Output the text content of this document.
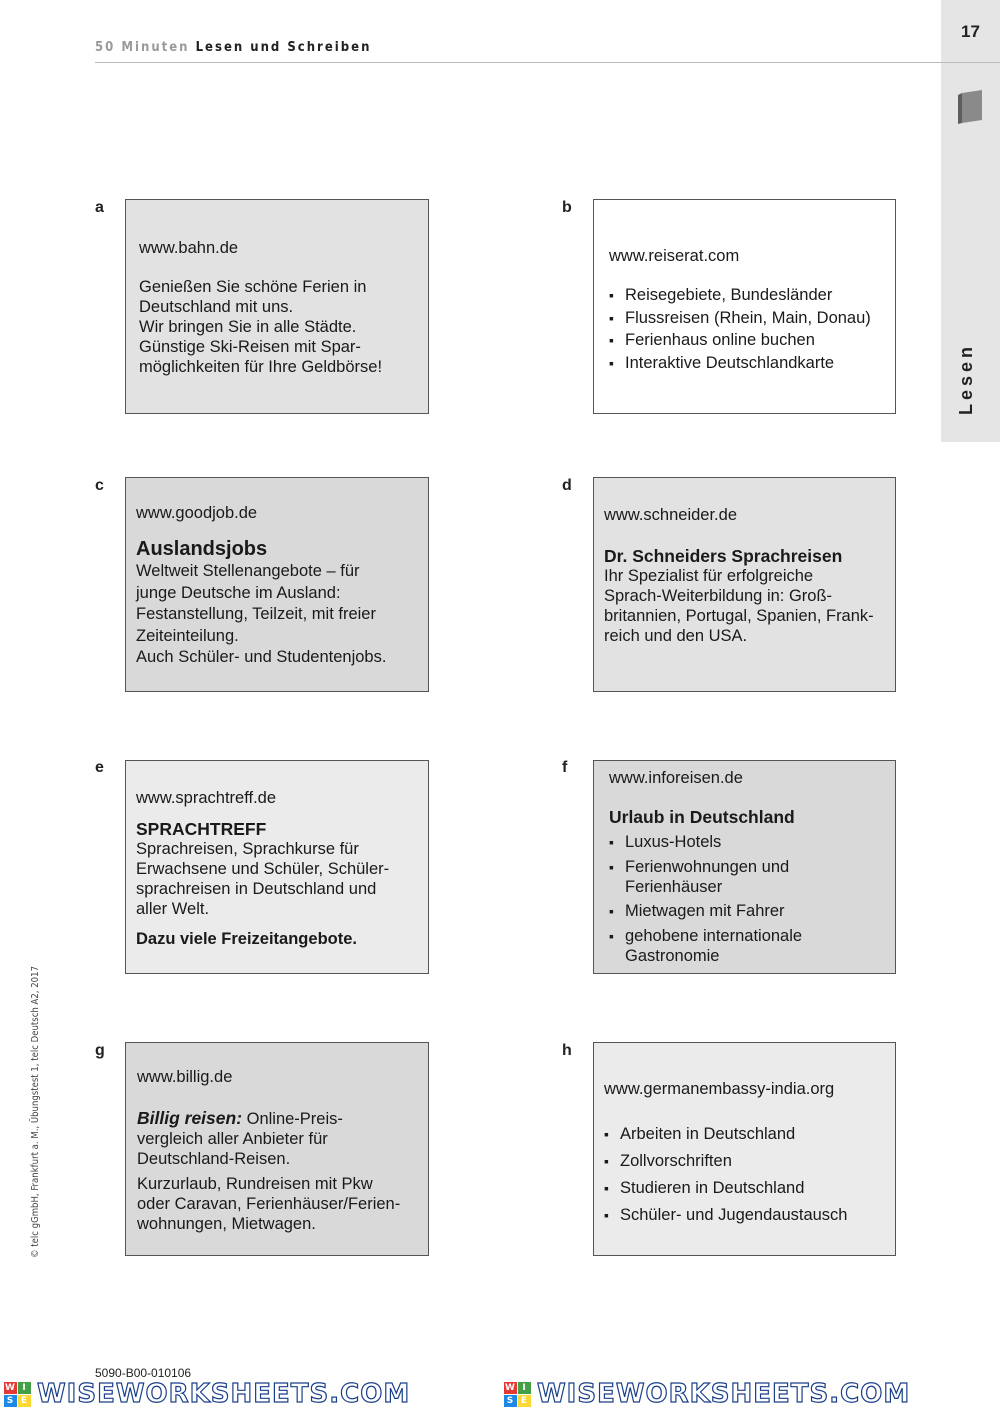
50 Minuten Lesen und Schreiben
17
Lesen
a

www.bahn.de

Genießen Sie schöne Ferien in

Deutschland mit uns.

Wir bringen Sie in alle Städte.

Günstige Ski-Reisen mit Spar-

möglichkeiten für Ihre Geldbörse!

b

www.reiserat.com

▪ Reisegebiete, Bundesländer
▪ Flussreisen (Rhein, Main, Donau)
▪ Ferienhaus online buchen
▪ Interaktive Deutschlandkarte
c

www.goodjob.de

Auslandsjobs

Weltweit Stellenangebote – für

junge Deutsche im Ausland:

Festanstellung, Teilzeit, mit freier

Zeiteinteilung.

Auch Schüler- und Studentenjobs.

d

www.schneider.de

Dr. Schneiders Sprachreisen

Ihr Spezialist für erfolgreiche

Sprach-Weiterbildung in: Groß-

britannien, Portugal, Spanien, Frank-

reich und den USA.

e

www.sprachtreff.de

SPRACHTREFF

Sprachreisen, Sprachkurse für

Erwachsene und Schüler, Schüler-

sprachreisen in Deutschland und

aller Welt.

Dazu viele Freizeitangebote.

f

www.inforeisen.de

Urlaub in Deutschland

▪ Luxus-Hotels
▪ Ferienwohnungen und
Ferienhäuser
▪ Mietwagen mit Fahrer
▪ gehobene internationale
Gastronomie
g

www.billig.de

Billig reisen: Online-Preis-

vergleich aller Anbieter für

Deutschland-Reisen.

Kurzurlaub, Rundreisen mit Pkw

oder Caravan, Ferienhäuser/Ferien-

wohnungen, Mietwagen.

h

www.germanembassy-india.org

▪ Arbeiten in Deutschland
▪ Zollvorschriften
▪ Studieren in Deutschland
▪ Schüler- und Jugendaustausch
© telc gGmbH, Frankfurt a. M., Übungstest 1, telc Deutsch A2, 2017
5090-B00-010106
W I
S E WISEWORKSHEETS.COM	W I
S E WISEWORKSHEETS.COM
